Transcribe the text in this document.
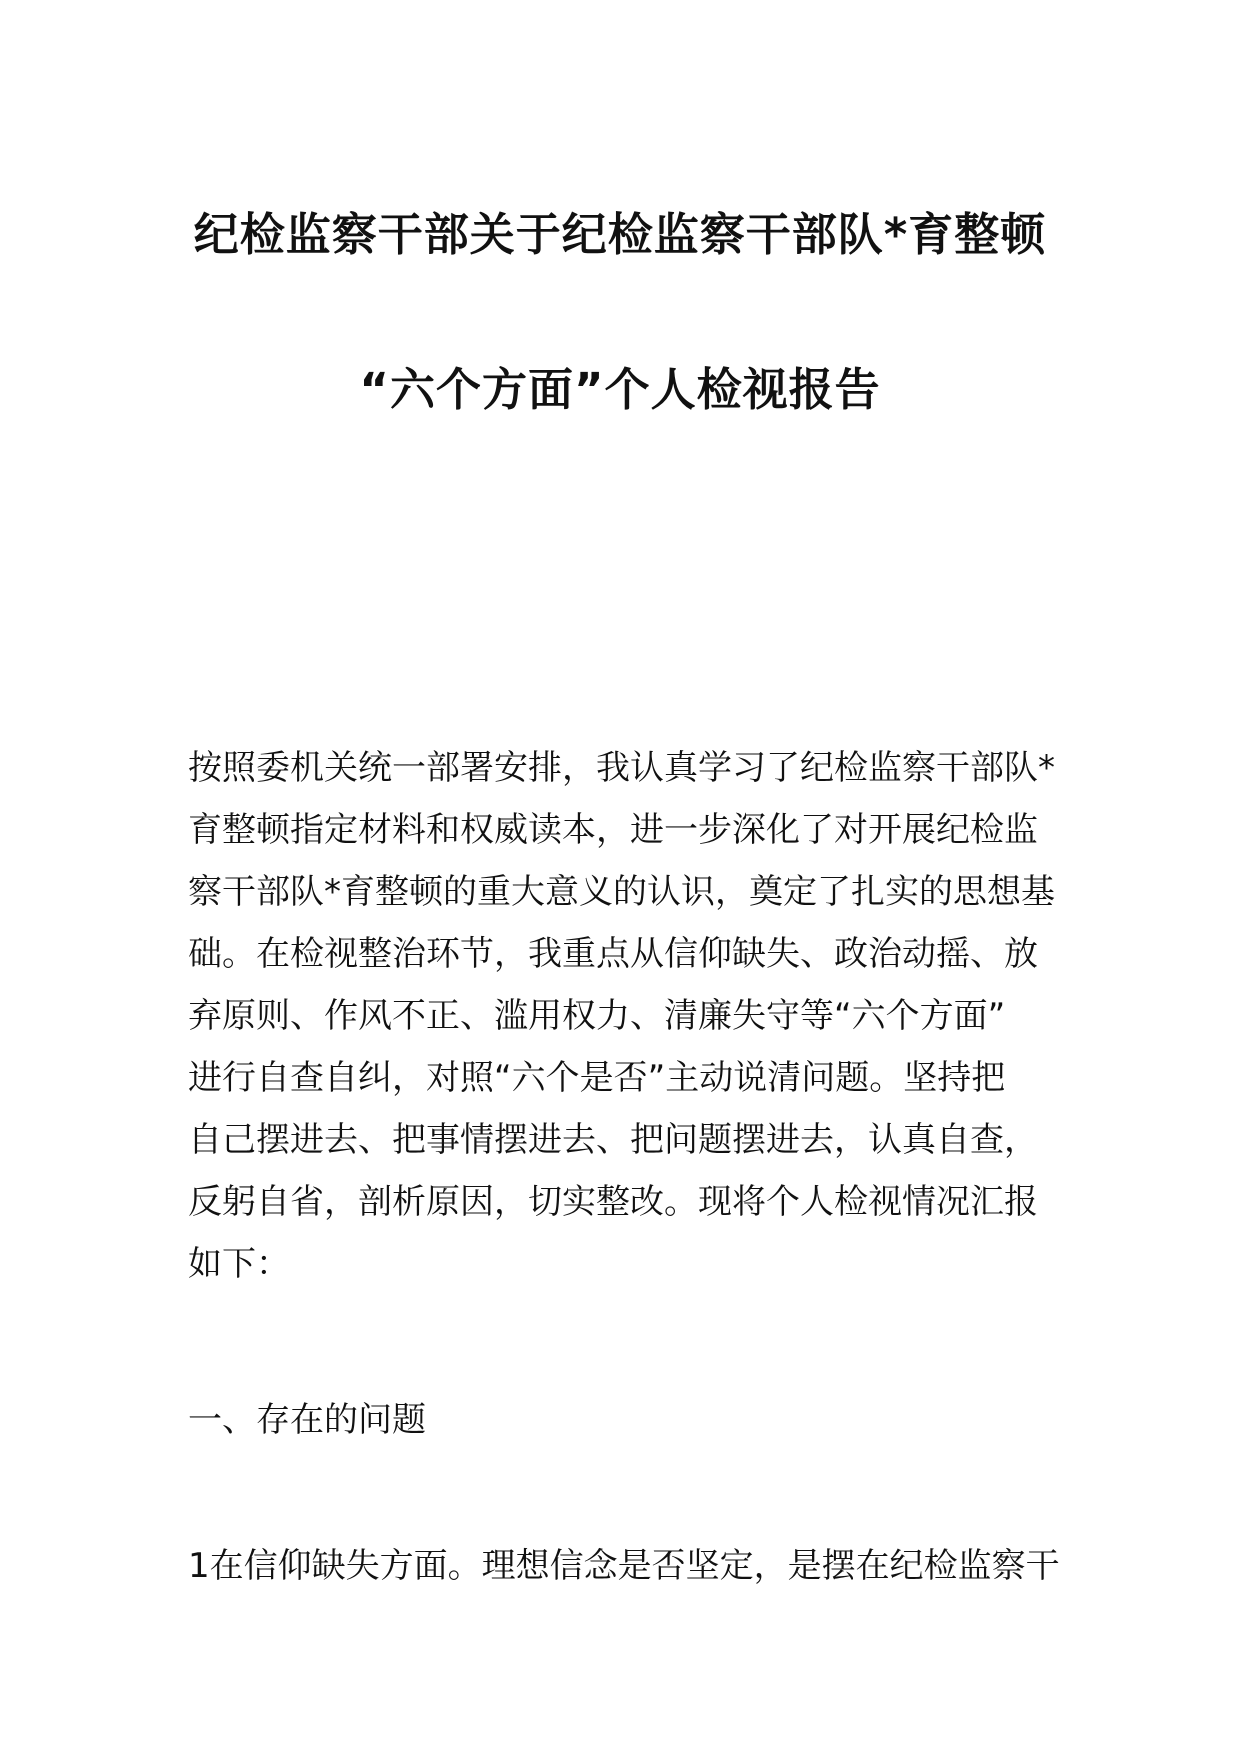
纪检监察干部关于纪检监察干部队*育整顿
“六个方面”个人检视报告
按照委机关统一部署安排，我认真学习了纪检监察干部队*
育整顿指定材料和权威读本，进一步深化了对开展纪检监
察干部队*育整顿的重大意义的认识，奠定了扎实的思想基
础。在检视整治环节，我重点从信仰缺失、政治动摇、放
弃原则、作风不正、滥用权力、清廉失守等“六个方面”
进行自查自纠，对照“六个是否”主动说清问题。坚持把
自己摆进去、把事情摆进去、把问题摆进去，认真自查，
反躬自省，剖析原因，切实整改。现将个人检视情况汇报
如下：
一、存在的问题
1在信仰缺失方面。理想信念是否坚定，是摆在纪检监察干
